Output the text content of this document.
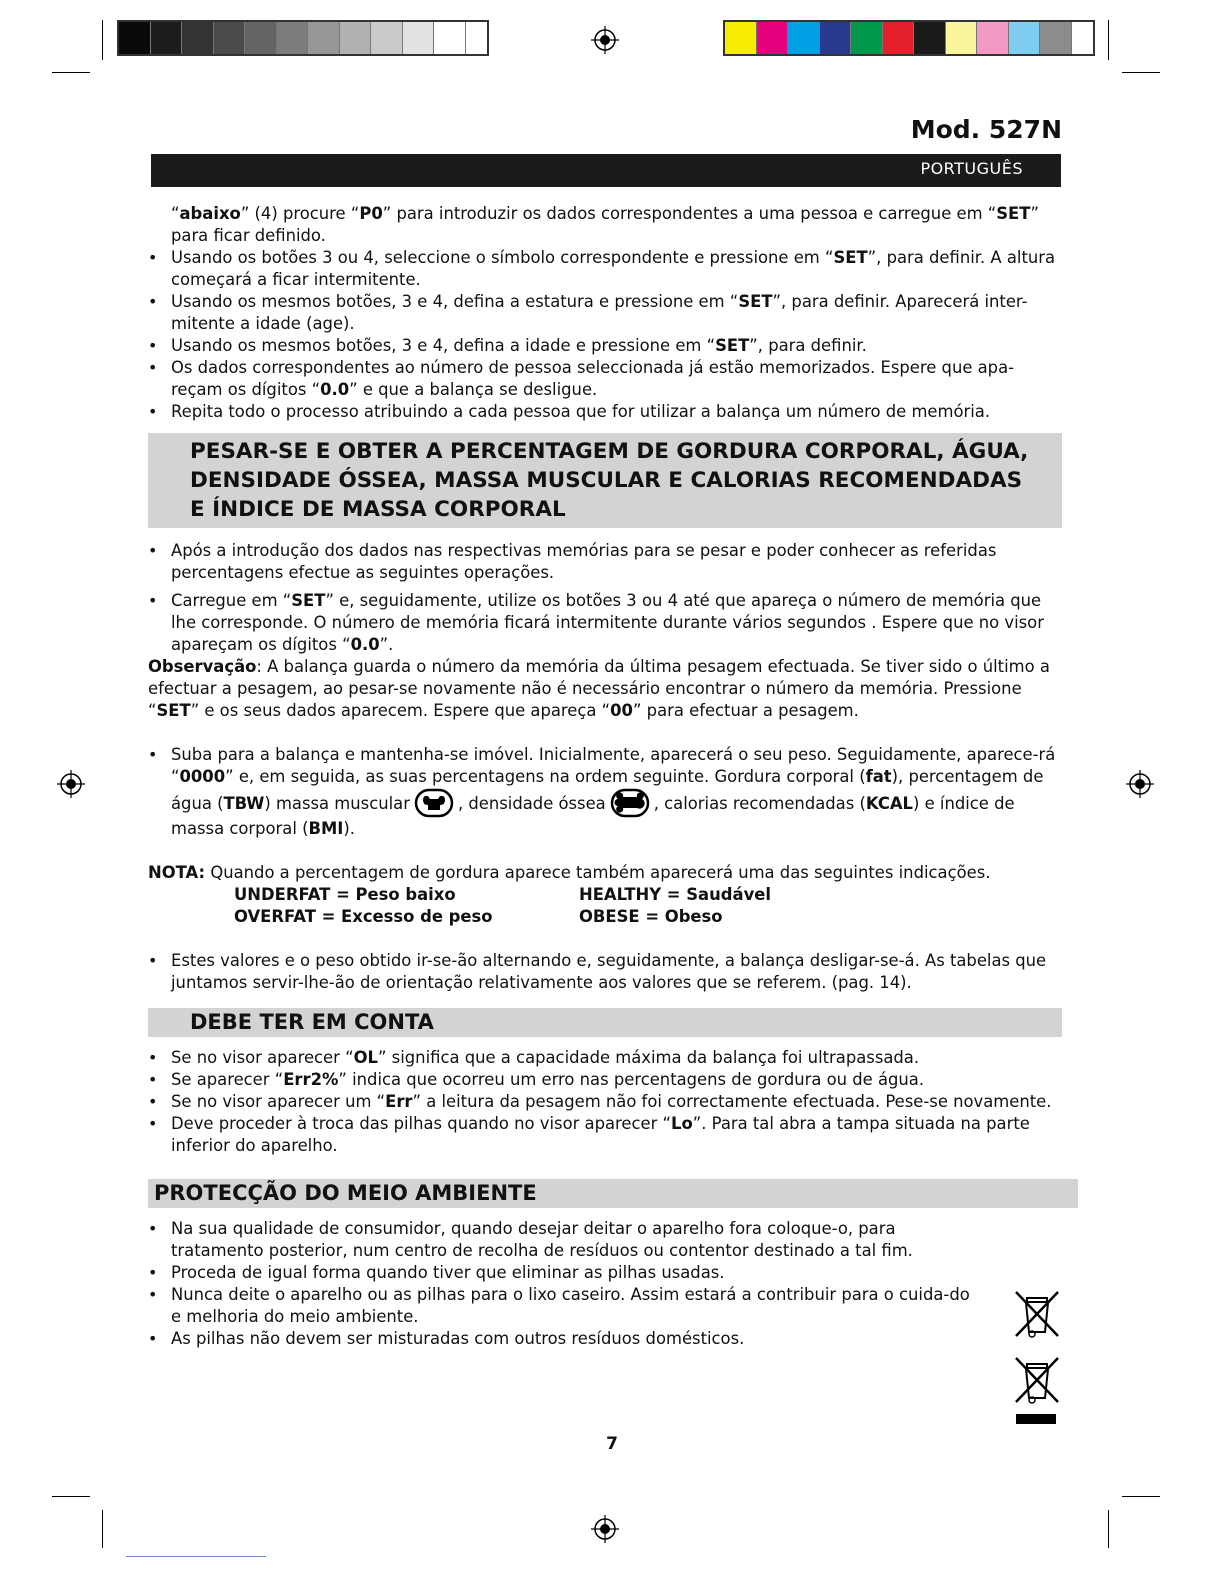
Mod. 527N
PORTUGUÊS

“abaixo” (4) procure “P0” para introduzir os dados correspondentes a uma pessoa e carregue em “SET” para ficar definido.

• Usando os botões 3 ou 4, seleccione o símbolo correspondente e pressione em “SET”, para definir. A altura começará a ficar intermitente.
• Usando os mesmos botões, 3 e 4, defina a estatura e pressione em “SET”, para definir. Aparecerá inter-mitente a idade (age).
• Usando os mesmos botões, 3 e 4, defina a idade e pressione em “SET”, para definir.
• Os dados correspondentes ao número de pessoa seleccionada já estão memorizados. Espere que apa-reçam os dígitos “0.0” e que a balança se desligue.
• Repita todo o processo atribuindo a cada pessoa que for utilizar a balança um número de memória.
PESAR-SE E OBTER A PERCENTAGEM DE GORDURA CORPORAL, ÁGUA, DENSIDADE ÓSSEA, MASSA MUSCULAR E CALORIAS RECOMENDADAS E ÍNDICE DE MASSA CORPORAL
• Após a introdução dos dados nas respectivas memórias para se pesar e poder conhecer as referidas percentagens efectue as seguintes operações.
• Carregue em “SET” e, seguidamente, utilize os botões 3 ou 4 até que apareça o número de memória que lhe corresponde. O número de memória ficará intermitente durante vários segundos . Espere que no visor apareçam os dígitos “0.0”.

Observação: A balança guarda o número da memória da última pesagem efectuada. Se tiver sido o último a efectuar a pesagem, ao pesar-se novamente não é necessário encontrar o número da memória. Pressione “SET” e os seus dados aparecem. Espere que apareça “00” para efectuar a pesagem.

• Suba para a balança e mantenha-se imóvel. Inicialmente, aparecerá o seu peso. Seguidamente, aparece-rá “0000” e, em seguida, as suas percentagens na ordem seguinte. Gordura corporal (fat), percentagem de água (TBW) massa muscular	, densidade óssea	, calorias recomendadas (KCAL) e índice de massa corporal (BMI).

NOTA: Quando a percentagem de gordura aparece também aparecerá uma das seguintes indicações.

UNDERFAT = Peso baixo	HEALTHY = Saudável
OVERFAT = Excesso de peso	OBESE = Obeso
• Estes valores e o peso obtido ir-se-ão alternando e, seguidamente, a balança desligar-se-á. As tabelas que juntamos servir-lhe-ão de orientação relativamente aos valores que se referem. (pag. 14).
DEBE TER EM CONTA
• Se no visor aparecer “OL” significa que a capacidade máxima da balança foi ultrapassada.
• Se aparecer “Err2%” indica que ocorreu um erro nas percentagens de gordura ou de água.
• Se no visor aparecer um “Err” a leitura da pesagem não foi correctamente efectuada. Pese-se novamente.
• Deve proceder à troca das pilhas quando no visor aparecer “Lo”. Para tal abra a tampa situada na parte inferior do aparelho.
PROTECÇÃO DO MEIO AMBIENTE
• Na sua qualidade de consumidor, quando desejar deitar o aparelho fora coloque-o, para tratamento posterior, num centro de recolha de resíduos ou contentor destinado a tal fim.
• Proceda de igual forma quando tiver que eliminar as pilhas usadas.
• Nunca deite o aparelho ou as pilhas para o lixo caseiro. Assim estará a contribuir para o cuida-do e melhoria do meio ambiente.
• As pilhas não devem ser misturadas com outros resíduos domésticos.
7
